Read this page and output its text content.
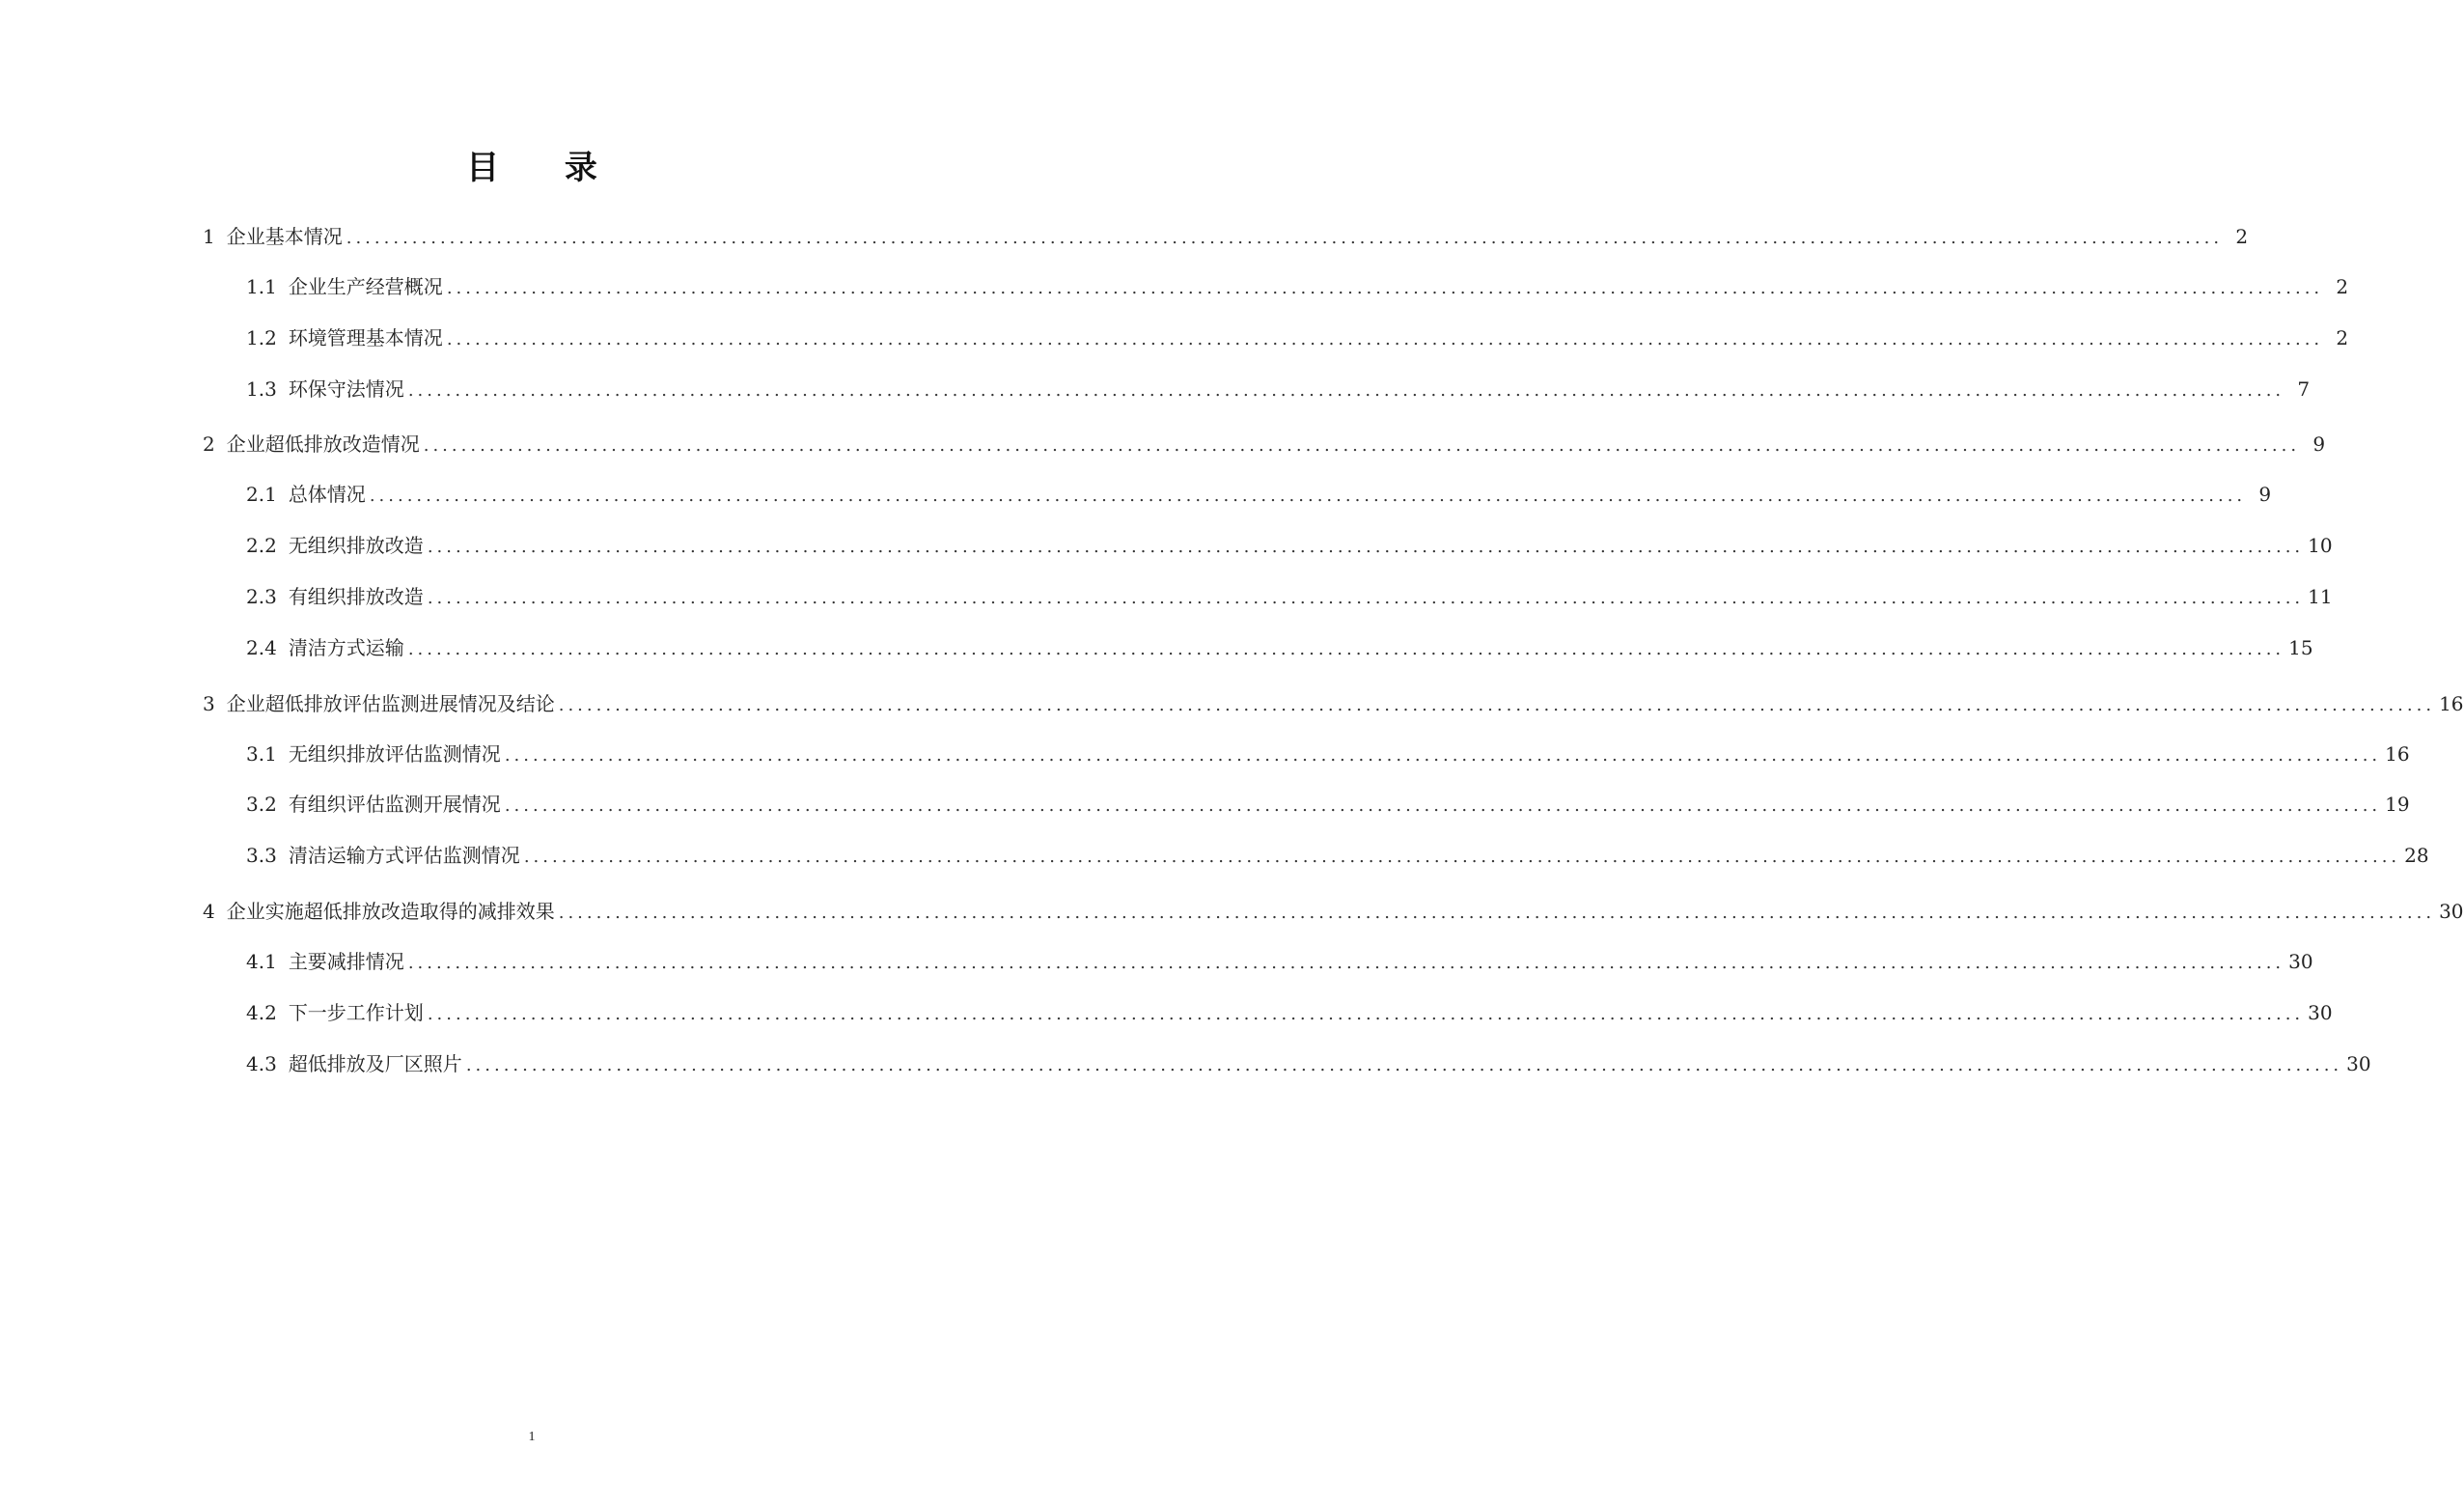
目 录
1 企业基本情况 ........................................................................................................................................................................................................ 2
1.1 企业生产经营概况 ........................................................................................................................................................................................................ 2
1.2 环境管理基本情况 ........................................................................................................................................................................................................ 2
1.3 环保守法情况 ........................................................................................................................................................................................................ 7
2 企业超低排放改造情况 ........................................................................................................................................................................................................ 9
2.1 总体情况 ........................................................................................................................................................................................................ 9
2.2 无组织排放改造 ........................................................................................................................................................................................................ 10
2.3 有组织排放改造 ........................................................................................................................................................................................................ 11
2.4 清洁方式运输 ........................................................................................................................................................................................................ 15
3 企业超低排放评估监测进展情况及结论 ........................................................................................................................................................................................................ 16
3.1 无组织排放评估监测情况 ........................................................................................................................................................................................................ 16
3.2 有组织评估监测开展情况 ........................................................................................................................................................................................................ 19
3.3 清洁运输方式评估监测情况 ........................................................................................................................................................................................................ 28
4 企业实施超低排放改造取得的减排效果 ........................................................................................................................................................................................................ 30
4.1 主要减排情况 ........................................................................................................................................................................................................ 30
4.2 下一步工作计划 ........................................................................................................................................................................................................ 30
4.3 超低排放及厂区照片 ........................................................................................................................................................................................................ 30
1
